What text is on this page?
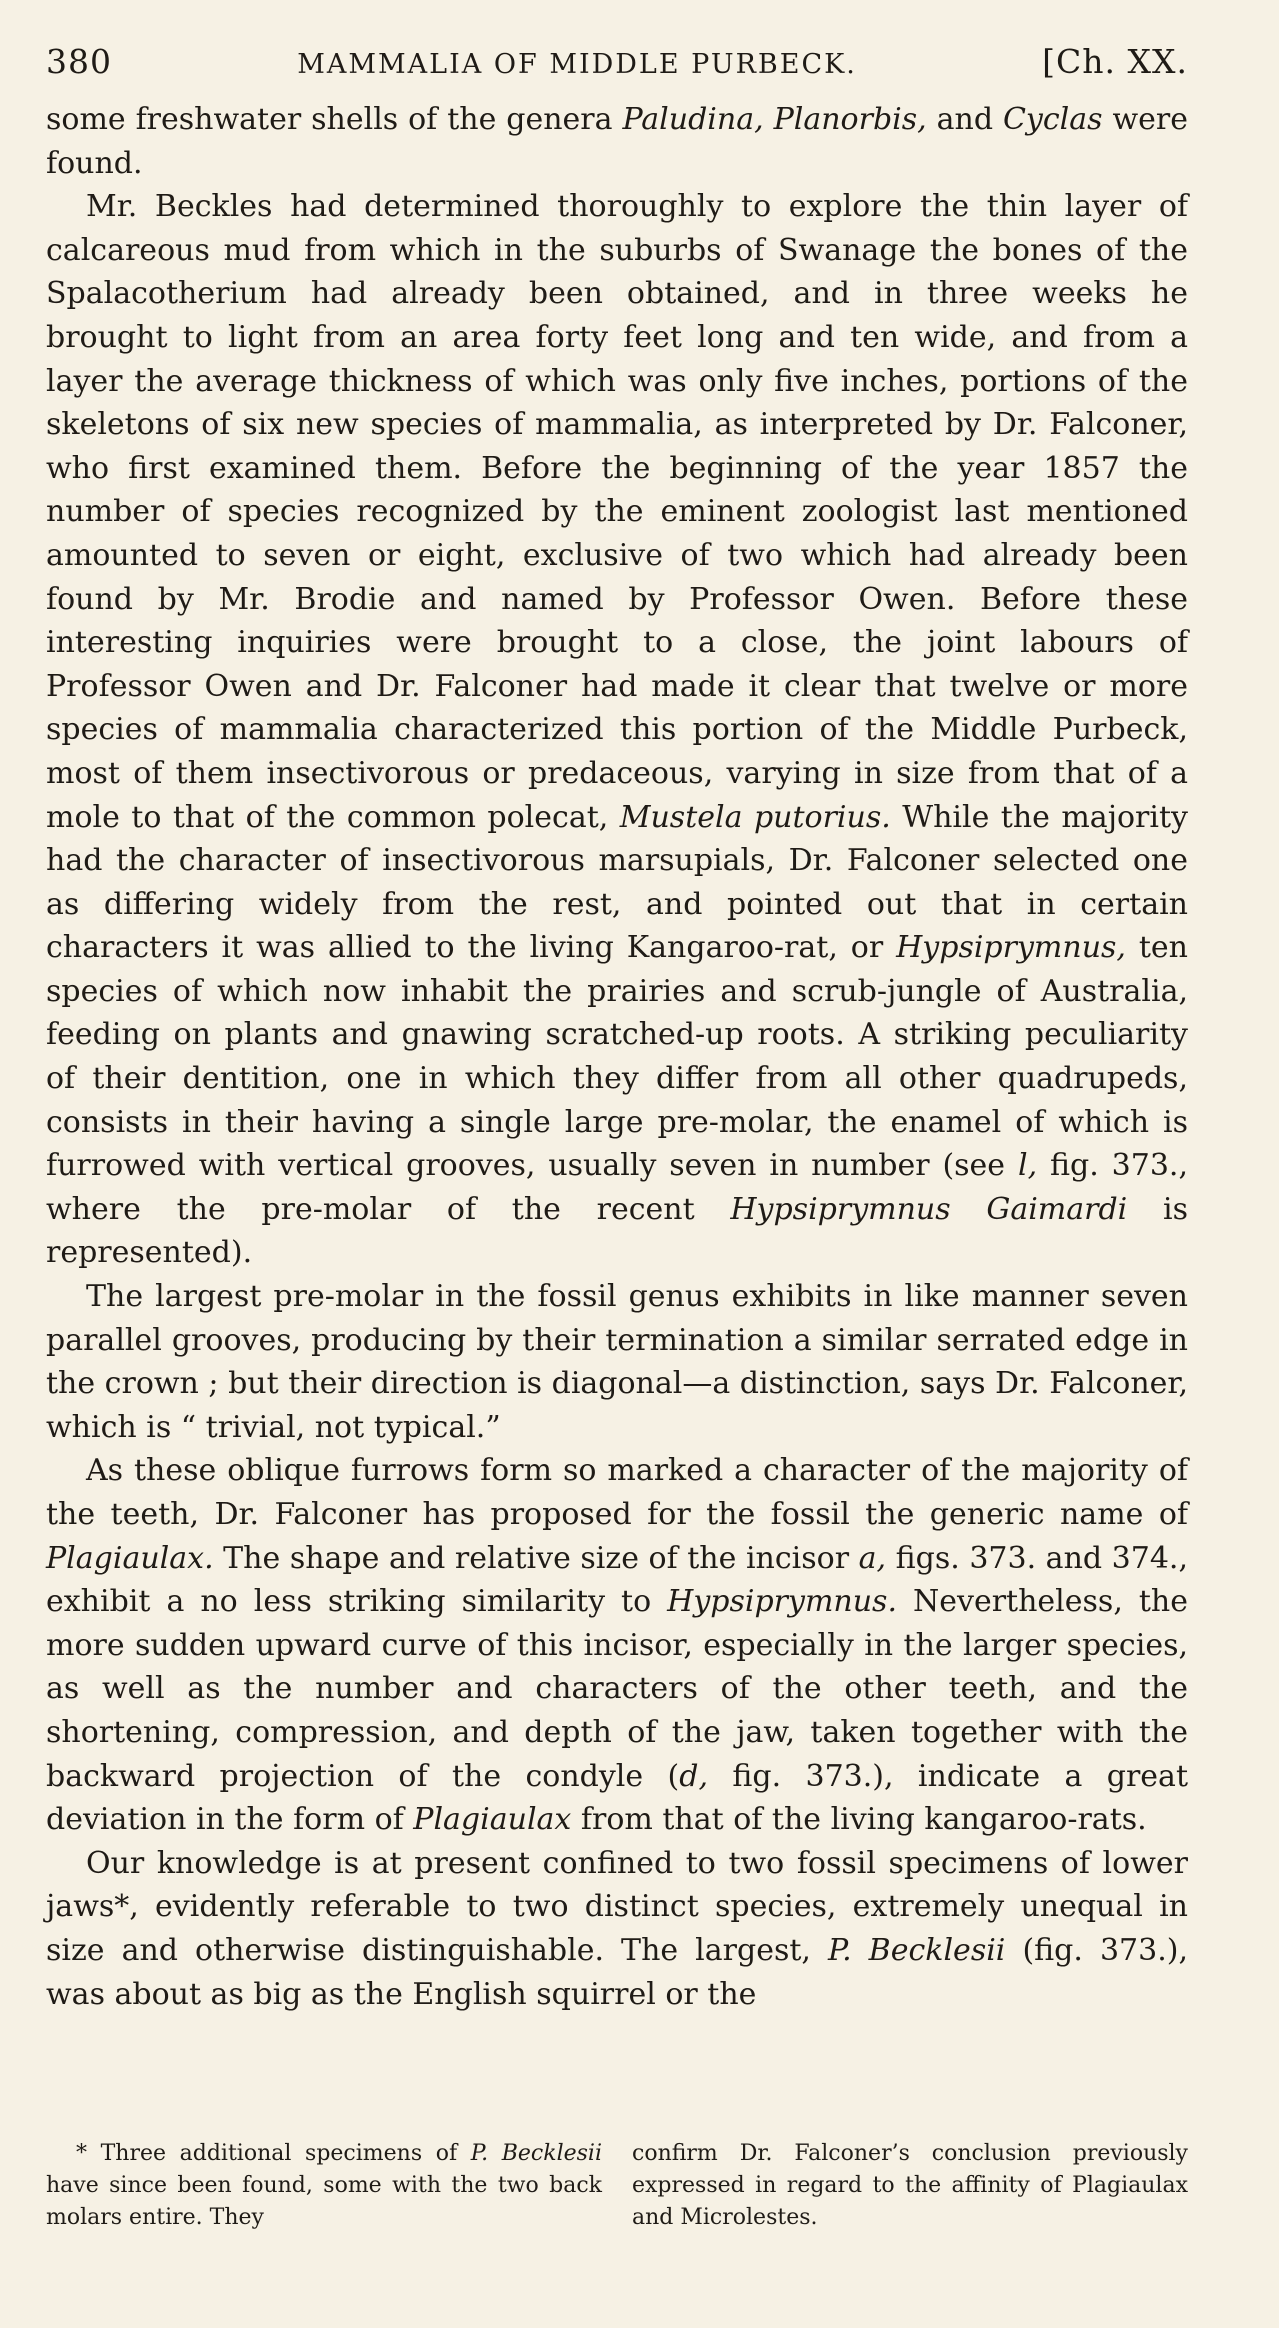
380	MAMMALIA OF MIDDLE PURBECK.	[Ch. XX.

some freshwater shells of the genera Paludina, Planorbis, and Cyclas were found.

Mr. Beckles had determined thoroughly to explore the thin layer of calcareous mud from which in the suburbs of Swanage the bones of the Spalacotherium had already been obtained, and in three weeks he brought to light from an area forty feet long and ten wide, and from a layer the average thickness of which was only five inches, portions of the skeletons of six new species of mammalia, as interpreted by Dr. Falconer, who first examined them. Before the beginning of the year 1857 the number of species recognized by the eminent zoologist last mentioned amounted to seven or eight, exclusive of two which had already been found by Mr. Brodie and named by Professor Owen. Before these interesting inquiries were brought to a close, the joint labours of Professor Owen and Dr. Falconer had made it clear that twelve or more species of mammalia characterized this portion of the Middle Purbeck, most of them insectivorous or predaceous, varying in size from that of a mole to that of the common polecat, Mustela putorius. While the majority had the character of insectivorous marsupials, Dr. Falconer selected one as differing widely from the rest, and pointed out that in certain characters it was allied to the living Kangaroo-rat, or Hypsiprymnus, ten species of which now inhabit the prairies and scrub-jungle of Australia, feeding on plants and gnawing scratched-up roots. A striking peculiarity of their dentition, one in which they differ from all other quadrupeds, consists in their having a single large pre-molar, the enamel of which is furrowed with vertical grooves, usually seven in number (see l, fig. 373., where the pre-molar of the recent Hypsiprymnus Gaimardi is represented).

The largest pre-molar in the fossil genus exhibits in like manner seven parallel grooves, producing by their termination a similar serrated edge in the crown ; but their direction is diagonal—a distinction, says Dr. Falconer, which is “ trivial, not typical.”

As these oblique furrows form so marked a character of the majority of the teeth, Dr. Falconer has proposed for the fossil the generic name of Plagiaulax. The shape and relative size of the incisor a, figs. 373. and 374., exhibit a no less striking similarity to Hypsiprymnus. Nevertheless, the more sudden upward curve of this incisor, especially in the larger species, as well as the number and characters of the other teeth, and the shortening, compression, and depth of the jaw, taken together with the backward projection of the condyle (d, fig. 373.), indicate a great deviation in the form of Plagiaulax from that of the living kangaroo-rats.

Our knowledge is at present confined to two fossil specimens of lower jaws*, evidently referable to two distinct species, extremely unequal in size and otherwise distinguishable. The largest, P. Becklesii (fig. 373.), was about as big as the English squirrel or the

* Three additional specimens of P. Becklesii have since been found, some with the two back molars entire. They

confirm Dr. Falconer’s conclusion previously expressed in regard to the affinity of Plagiaulax and Microlestes.
